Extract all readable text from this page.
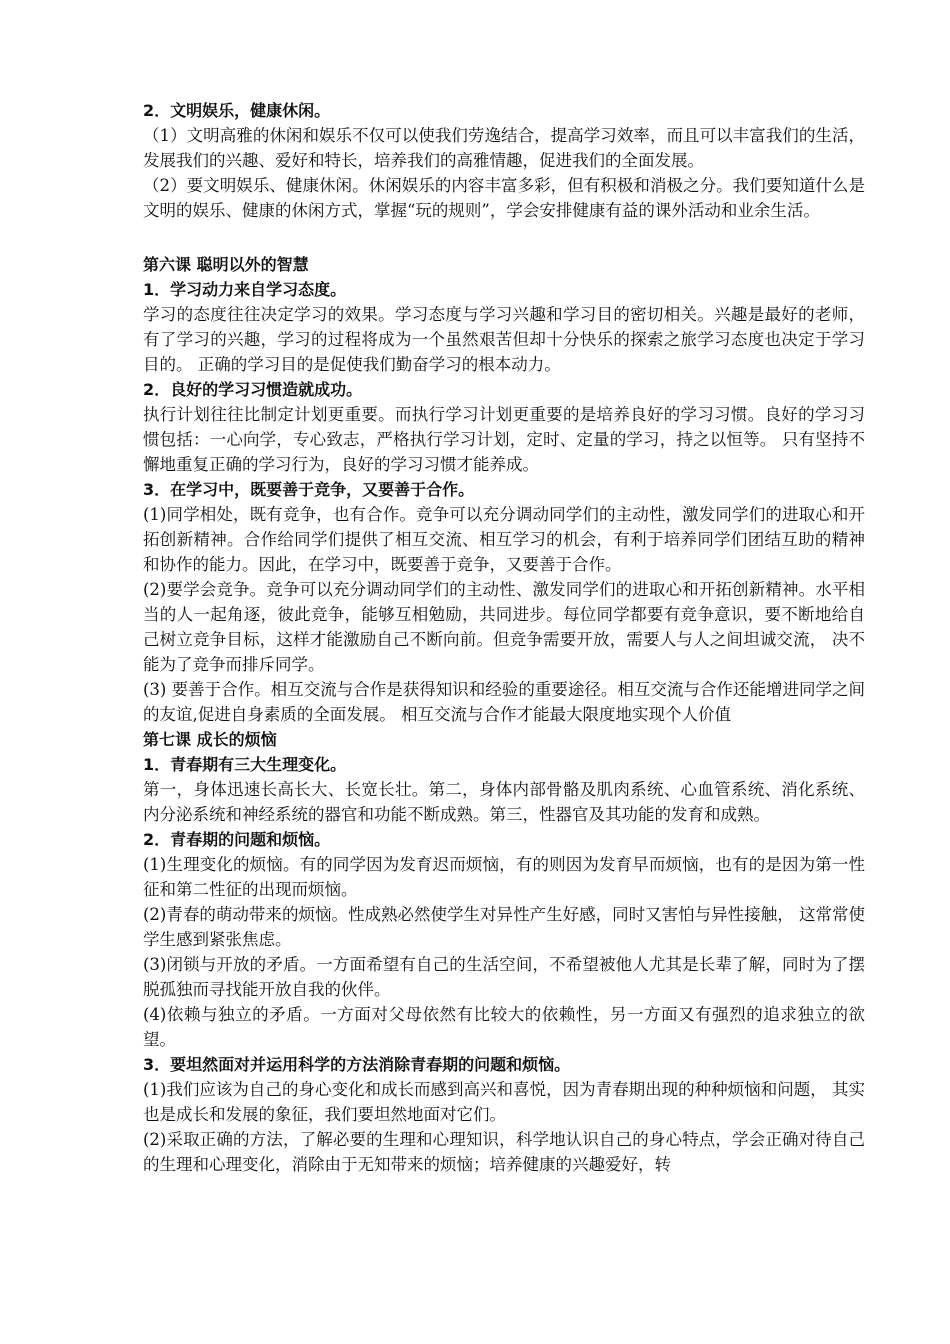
2．文明娱乐，健康休闲。

（1）文明高雅的休闲和娱乐不仅可以使我们劳逸结合，提高学习效率，而且可以丰富我们的生活，发展我们的兴趣、爱好和特长，培养我们的高雅情趣，促进我们的全面发展。

（2）要文明娱乐、健康休闲。休闲娱乐的内容丰富多彩，但有积极和消极之分。我们要知道什么是文明的娱乐、健康的休闲方式，掌握“玩的规则”，学会安排健康有益的课外活动和业余生活。

第六课 聪明以外的智慧

1．学习动力来自学习态度。

学习的态度往往决定学习的效果。学习态度与学习兴趣和学习目的密切相关。兴趣是最好的老师，有了学习的兴趣，学习的过程将成为一个虽然艰苦但却十分快乐的探索之旅学习态度也决定于学习目的。 正确的学习目的是促使我们勤奋学习的根本动力。

2．良好的学习习惯造就成功。

执行计划往往比制定计划更重要。而执行学习计划更重要的是培养良好的学习习惯。良好的学习习惯包括：一心向学，专心致志，严格执行学习计划，定时、定量的学习，持之以恒等。 只有坚持不懈地重复正确的学习行为，良好的学习习惯才能养成。

3．在学习中，既要善于竞争，又要善于合作。

(1)同学相处，既有竞争，也有合作。竞争可以充分调动同学们的主动性，激发同学们的进取心和开拓创新精神。合作给同学们提供了相互交流、相互学习的机会，有利于培养同学们团结互助的精神和协作的能力。因此，在学习中，既要善于竞争，又要善于合作。

(2)要学会竞争。竞争可以充分调动同学们的主动性、激发同学们的进取心和开拓创新精神。水平相当的人一起角逐，彼此竞争，能够互相勉励，共同进步。每位同学都要有竞争意识，要不断地给自己树立竞争目标，这样才能激励自己不断向前。但竞争需要开放，需要人与人之间坦诚交流， 决不能为了竞争而排斥同学。

(3) 要善于合作。相互交流与合作是获得知识和经验的重要途径。相互交流与合作还能增进同学之间的友谊,促进自身素质的全面发展。 相互交流与合作才能最大限度地实现个人价值

第七课 成长的烦恼

1．青春期有三大生理变化。

第一，身体迅速长高长大、长宽长壮。第二，身体内部骨骼及肌肉系统、心血管系统、消化系统、内分泌系统和神经系统的器官和功能不断成熟。第三，性器官及其功能的发育和成熟。

2．青春期的问题和烦恼。

(1)生理变化的烦恼。有的同学因为发育迟而烦恼，有的则因为发育早而烦恼，也有的是因为第一性征和第二性征的出现而烦恼。

(2)青春的萌动带来的烦恼。性成熟必然使学生对异性产生好感，同时又害怕与异性接触， 这常常使学生感到紧张焦虑。

(3)闭锁与开放的矛盾。一方面希望有自己的生活空间，不希望被他人尤其是长辈了解，同时为了摆脱孤独而寻找能开放自我的伙伴。

(4)依赖与独立的矛盾。一方面对父母依然有比较大的依赖性，另一方面又有强烈的追求独立的欲望。

3．要坦然面对并运用科学的方法消除青春期的问题和烦恼。

(1)我们应该为自己的身心变化和成长而感到高兴和喜悦，因为青春期出现的种种烦恼和问题， 其实也是成长和发展的象征，我们要坦然地面对它们。

(2)采取正确的方法，了解必要的生理和心理知识，科学地认识自己的身心特点，学会正确对待自己的生理和心理变化，消除由于无知带来的烦恼；培养健康的兴趣爱好，转
